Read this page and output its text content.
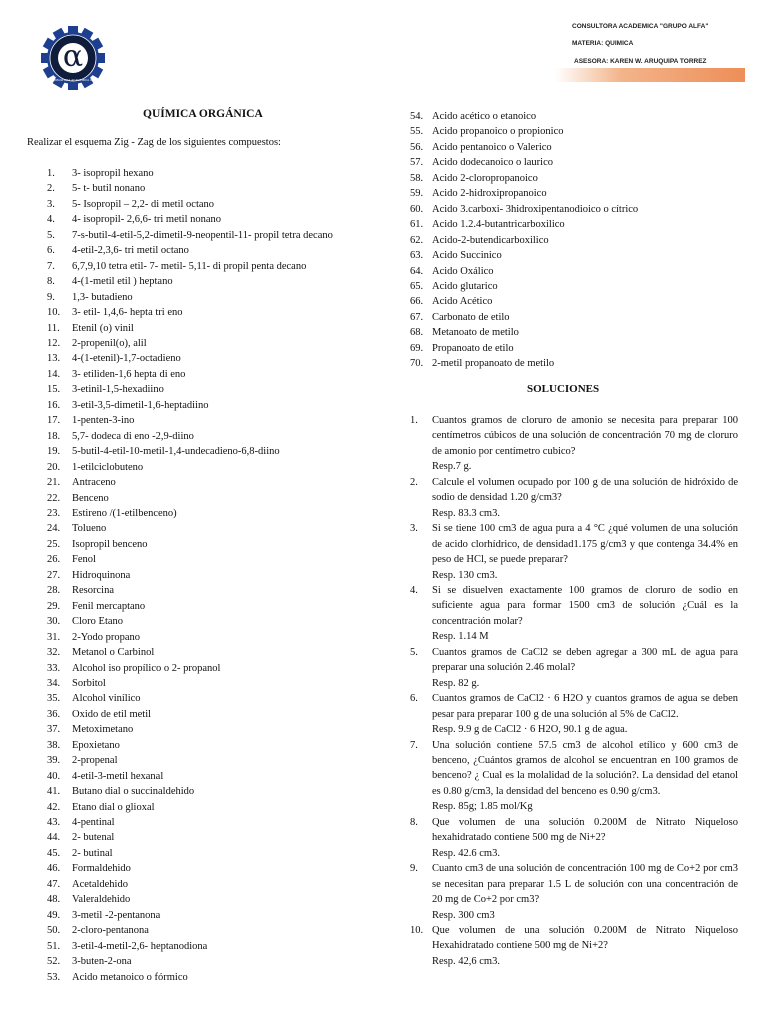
α
CONSULTORA ACADEMICA GRUPO ALFA
CONSULTORA ACADEMICA "GRUPO ALFA"
MATERIA: QUIMICA
ASESORA: KAREN W. ARUQUIPA TORREZ
QUÍMICA ORGÁNICA
Realizar el esquema Zig - Zag de los siguientes compuestos:
1. 3- isopropil hexano
2. 5- t- butil nonano
3. 5- Isopropil – 2,2- di metil octano
4. 4- isopropil- 2,6,6- tri metil nonano
5. 7-s-butil-4-etil-5,2-dimetil-9-neopentil-11- propil tetra decano
6. 4-etil-2,3,6- tri metil octano
7. 6,7,9,10 tetra etil- 7- metil- 5,11- di propil penta decano
8. 4-(1-metil etil ) heptano
9. 1,3- butadieno
10. 3- etil- 1,4,6- hepta tri eno
11. Etenil (o) vinil
12. 2-propenil(o), alil
13. 4-(1-etenil)-1,7-octadieno
14. 3- etiliden-1,6 hepta di eno
15. 3-etinil-1,5-hexadiino
16. 3-etil-3,5-dimetil-1,6-heptadiino
17. 1-penten-3-ino
18. 5,7- dodeca di eno -2,9-diino
19. 5-butil-4-etil-10-metil-1,4-undecadieno-6,8-diino
20. 1-etilciclobuteno
21. Antraceno
22. Benceno
23. Estireno /(1-etilbenceno)
24. Tolueno
25. Isopropil benceno
26. Fenol
27. Hidroquinona
28. Resorcina
29. Fenil mercaptano
30. Cloro Etano
31. 2-Yodo propano
32. Metanol o Carbinol
33. Alcohol iso propílico o 2- propanol
34. Sorbitol
35. Alcohol vinílico
36. Oxido de etil metil
37. Metoximetano
38. Epoxietano
39. 2-propenal
40. 4-etil-3-metil hexanal
41. Butano dial o succinaldehido
42. Etano dial o glioxal
43. 4-pentinal
44. 2- butenal
45. 2- butinal
46. Formaldehido
47. Acetaldehido
48. Valeraldehido
49. 3-metil -2-pentanona
50. 2-cloro-pentanona
51. 3-etil-4-metil-2,6- heptanodiona
52. 3-buten-2-ona
53. Acido metanoico o fórmico
54. Acido acético o etanoico
55. Acido propanoico o propionico
56. Acido pentanoico o Valerico
57. Acido dodecanoico o laurico
58. Acido 2-cloropropanoico
59. Acido 2-hidroxipropanoico
60. Acido 3.carboxi- 3hidroxipentanodioico o cítrico
61. Acido 1.2.4-butantricarboxilico
62. Acido-2-butendicarboxilico
63. Acido Succinico
64. Acido Oxálico
65. Acido glutarico
66. Acido Acético
67. Carbonato de etilo
68. Metanoato de metilo
69. Propanoato de etilo
70. 2-metil propanoato de metilo
SOLUCIONES
1. Cuantos gramos de cloruro de amonio se necesita para preparar 100 centímetros cúbicos de una solución de concentración 70 mg de cloruro de amonio por centímetro cubico?
Resp.7 g.
2. Calcule el volumen ocupado por 100 g de una solución de hidróxido de sodio de densidad 1.20 g/cm3?
Resp. 83.3 cm3.
3. Si se tiene 100 cm3 de agua pura a 4 °C ¿qué volumen de una solución de acido clorhídrico, de densidad1.175 g/cm3 y que contenga 34.4% en peso de HCl, se puede preparar?
Resp. 130 cm3.
4. Si se disuelven exactamente 100 gramos de cloruro de sodio en suficiente agua para formar 1500 cm3 de solución ¿Cuál es la concentración molar?
Resp. 1.14 M
5. Cuantos gramos de CaCl2 se deben agregar a 300 mL de agua para preparar una solución 2.46 molal?
Resp. 82 g.
6. Cuantos gramos de CaCl2 · 6 H2O y cuantos gramos de agua se deben pesar para preparar 100 g de una solución al 5% de CaCl2.
Resp. 9.9 g de CaCl2 · 6 H2O, 90.1 g de agua.
7. Una solución contiene 57.5 cm3 de alcohol etílico y 600 cm3 de benceno, ¿Cuántos gramos de alcohol se encuentran en 100 gramos de benceno? ¿ Cual es la molalidad de la solución?. La densidad del etanol es 0.80 g/cm3, la densidad del benceno es 0.90 g/cm3.
Resp. 85g; 1.85 mol/Kg
8. Que volumen de una solución 0.200M de Nitrato Niqueloso hexahidratado contiene 500 mg de Ni+2?
Resp. 42.6 cm3.
9. Cuanto cm3 de una solución de concentración 100 mg de Co+2 por cm3 se necesitan para preparar 1.5 L de solución con una concentración de 20 mg de Co+2 por cm3?
Resp. 300 cm3
10. Que volumen de una solución 0.200M de Nitrato Niqueloso Hexahidratado contiene 500 mg de Ni+2?
Resp. 42,6 cm3.
